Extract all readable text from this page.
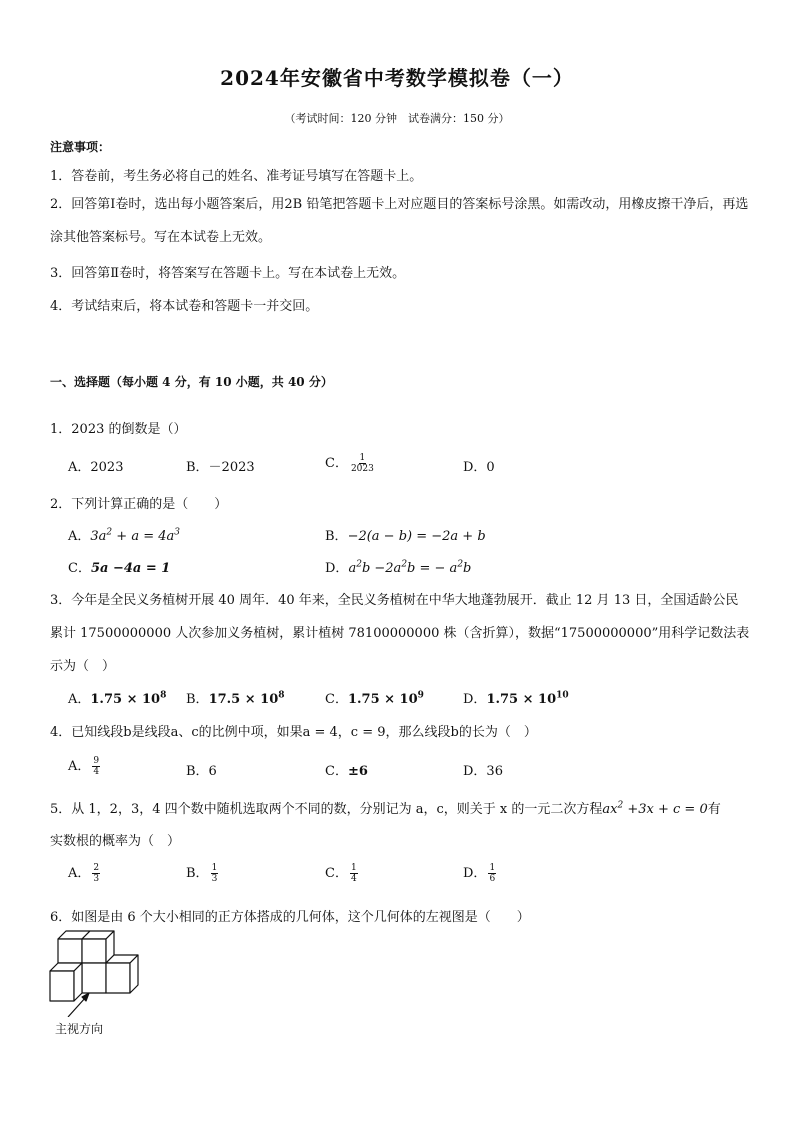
2024年安徽省中考数学模拟卷（一）
（考试时间：120 分钟　试卷满分：150 分）
注意事项：
1．答卷前，考生务必将自己的姓名、准考证号填写在答题卡上。
2．回答第Ⅰ卷时，选出每小题答案后，用2B 铅笔把答题卡上对应题目的答案标号涂黑。如需改动，用橡皮擦干净后，再选涂其他答案标号。写在本试卷上无效。
3．回答第Ⅱ卷时，将答案写在答题卡上。写在本试卷上无效。
4．考试结束后，将本试卷和答题卡一并交回。
一、选择题（每小题 4 分，有 10 小题，共 40 分）
1．2023 的倒数是（）
A．2023	B．－2023	C． $\frac{1}{2023}$	D．0
2．下列计算正确的是（　　）
A．$3a^2 + a = 4a^3$	B．−2(a − b) = −2a + b
C．5a −4a = 1	D．$a^2b -2a^2b$ = − $a^2b$
3．今年是全民义务植树开展 40 周年．40 年来，全民义务植树在中华大地蓬勃展开．截止 12 月 13 日，全国适龄公民累计 17500000000 人次参加义务植树，累计植树 78100000000 株（含折算），数据“17500000000”用科学记数法表示为（　）
A．$1.75 \times 10^8$ B．$17.5 \times 10^8$	C．$1.75 \times 10^9$	D．$1.75 \times 10^{10}$
4．已知线段b是线段a、c的比例中项，如果a = 4，c = 9，那么线段b的长为（　）
A． $\frac{9}{4}$	B．6	C．±6	D．36
5．从 1，2，3，4 四个数中随机选取两个不同的数，分别记为 a，c，则关于 x 的一元二次方程$ax^2 +3x + c = 0$有
实数根的概率为（　）
A． $\frac{2}{3}$	B． $\frac{1}{3}$	C． $\frac{1}{4}$	D． $\frac{1}{6}$
6．如图是由 6 个大小相同的正方体搭成的几何体，这个几何体的左视图是（　　）
主视方向
